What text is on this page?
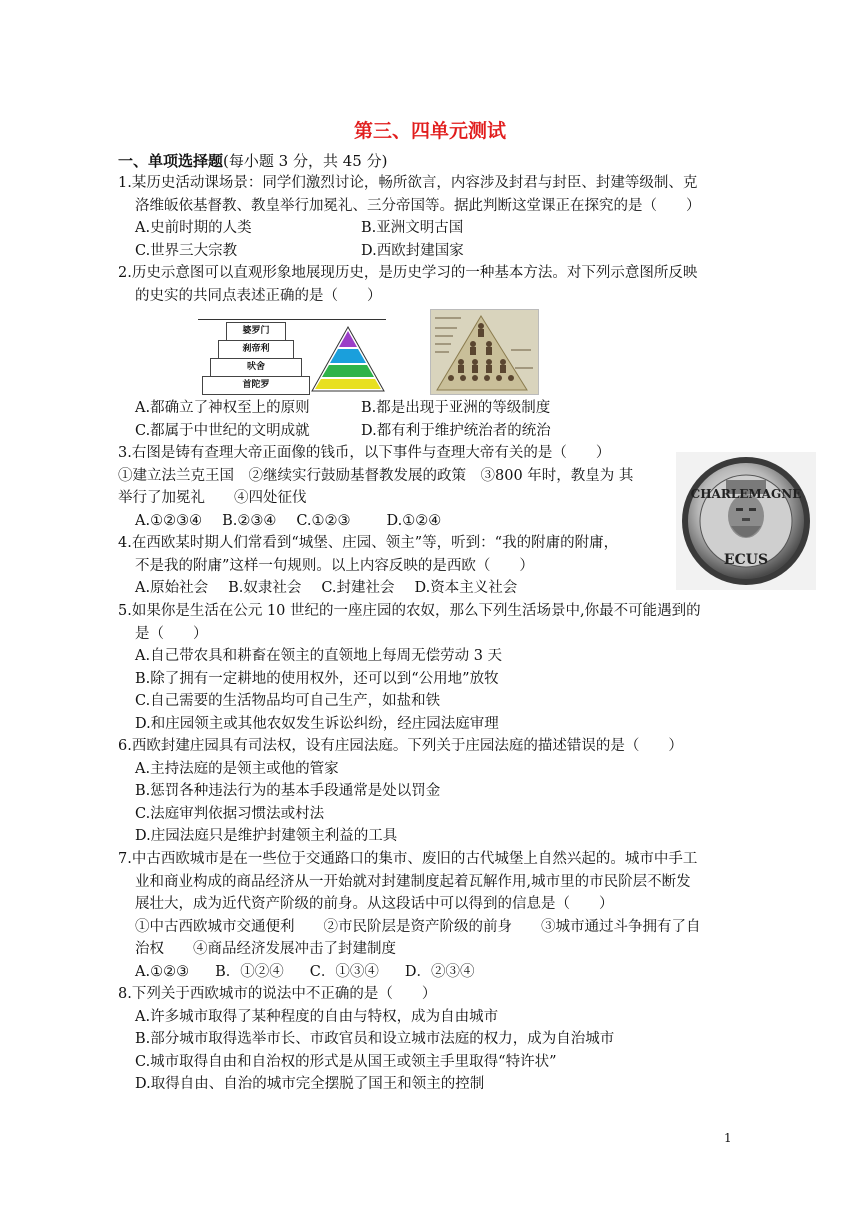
第三、四单元测试
一、单项选择题(每小题 3 分，共 45 分)
1.某历史活动课场景：同学们激烈讨论，畅所欲言，内容涉及封君与封臣、封建等级制、克
洛维皈依基督教、教皇举行加冕礼、三分帝国等。据此判断这堂课正在探究的是（　　）
A.史前时期的人类	B.亚洲文明古国
C.世界三大宗教	D.西欧封建国家
2.历史示意图可以直观形象地展现历史，是历史学习的一种基本方法。对下列示意图所反映
的史实的共同点表述正确的是（　　）
婆罗门
刹帝利
吠舍
首陀罗
A.都确立了神权至上的原则	B.都是出现于亚洲的等级制度
C.都属于中世纪的文明成就	D.都有利于维护统治者的统治
3.右图是铸有查理大帝正面像的钱币，以下事件与查理大帝有关的是（　　）
①建立法兰克王国　②继续实行鼓励基督教发展的政策　③800 年时，教皇为 其
举行了加冕礼　　④四处征伐
A.①②③④ B.②③④ C.①②③ D.①②④
CHARLEMAGNE
ECUS
4.在西欧某时期人们常看到“城堡、庄园、领主”等，听到：“我的附庸的附庸，
不是我的附庸”这样一句规则。以上内容反映的是西欧（　　）
A.原始社会 B.奴隶社会 C.封建社会 D.资本主义社会
5.如果你是生活在公元 10 世纪的一座庄园的农奴，那么下列生活场景中,你最不可能遇到的
是（　　）
A.自己带农具和耕畜在领主的直领地上每周无偿劳动 3 天
B.除了拥有一定耕地的使用权外，还可以到“公用地”放牧
C.自己需要的生活物品均可自己生产，如盐和铁
D.和庄园领主或其他农奴发生诉讼纠纷，经庄园法庭审理
6.西欧封建庄园具有司法权，设有庄园法庭。下列关于庄园法庭的描述错误的是（　　）
A.主持法庭的是领主或他的管家
B.惩罚各种违法行为的基本手段通常是处以罚金
C.法庭审判依据习惯法或村法
D.庄园法庭只是维护封建领主利益的工具
7.中古西欧城市是在一些位于交通路口的集市、废旧的古代城堡上自然兴起的。城市中手工
业和商业构成的商品经济从一开始就对封建制度起着瓦解作用,城市里的市民阶层不断发
展壮大，成为近代资产阶级的前身。从这段话中可以得到的信息是（　　）
①中古西欧城市交通便利　　②市民阶层是资产阶级的前身　　③城市通过斗争拥有了自
治权　　④商品经济发展冲击了封建制度
A.①②③ B．①②④ C．①③④ D．②③④
8.下列关于西欧城市的说法中不正确的是（　　）
A.许多城市取得了某种程度的自由与特权，成为自由城市
B.部分城市取得选举市长、市政官员和设立城市法庭的权力，成为自治城市
C.城市取得自由和自治权的形式是从国王或领主手里取得“特许状”
D.取得自由、自治的城市完全摆脱了国王和领主的控制
1
